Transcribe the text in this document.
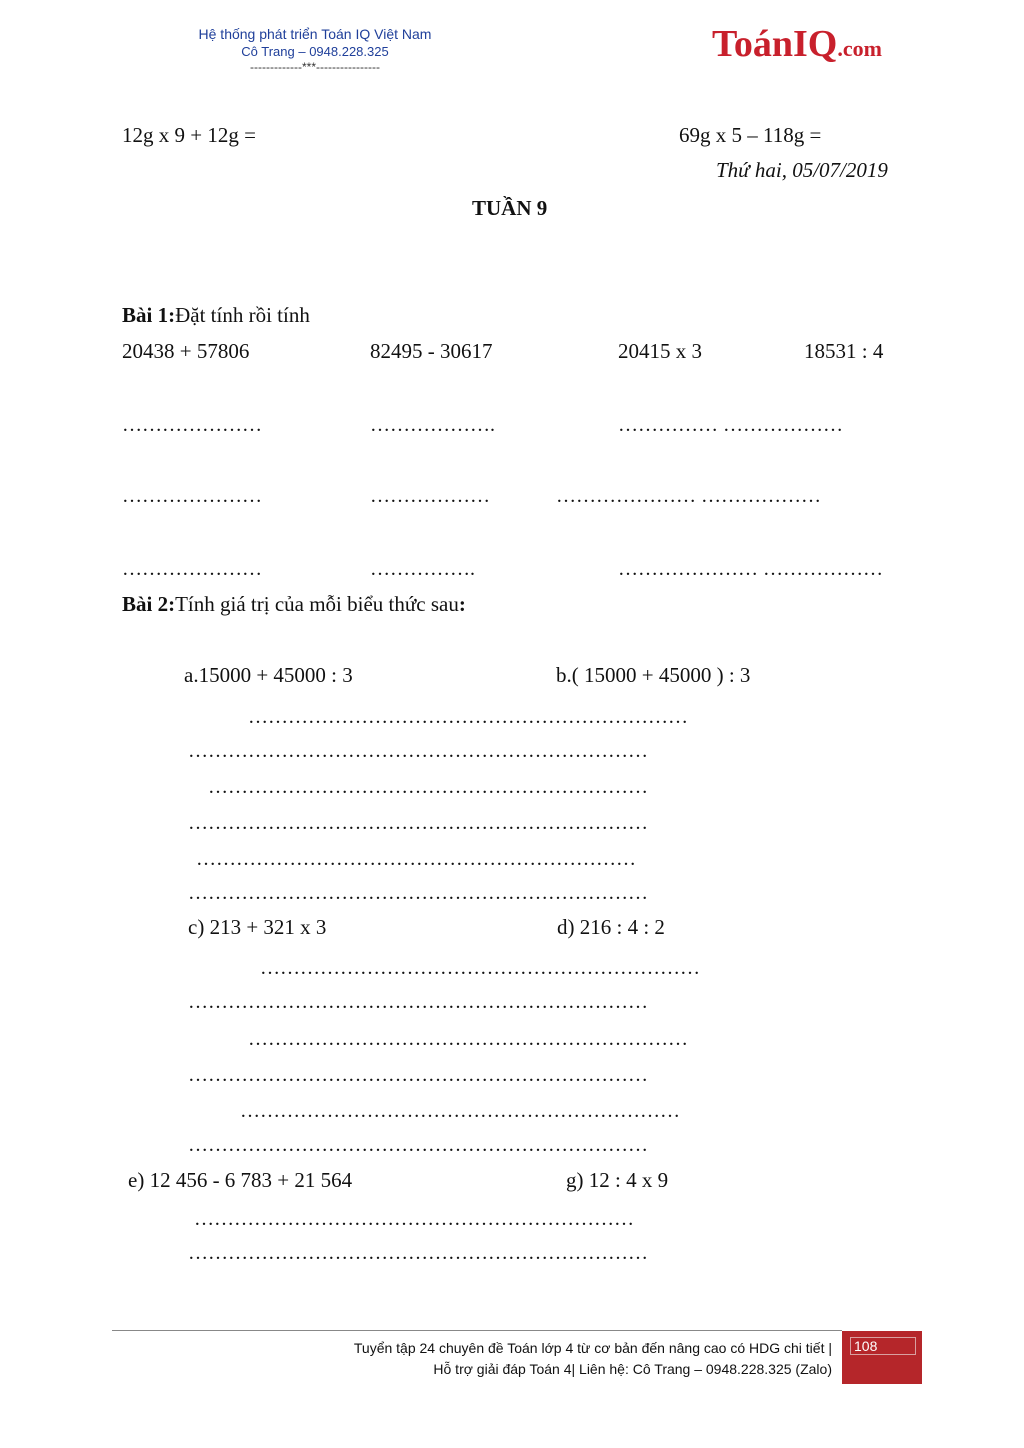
Hệ thống phát triển Toán IQ Việt Nam
Cô Trang – 0948.228.325
-------------***----------------
ToánIQ.com
12g x 9 + 12g =	69g x 5 – 118g =
Thứ hai, 05/07/2019
TUẦN 9
Bài 1:Đặt tính rồi tính
20438 + 57806	82495 - 30617	20415 x 3	18531 : 4
…………………	……………….	…………… ………………
…………………	………………	………………… ………………
…………………	…………….	………………… ………………
Bài 2:Tính giá trị của mỗi biểu thức sau:
a.15000 + 45000 : 3	b.( 15000 + 45000 ) : 3
…………………………………………………………
……………………………………………………………
…………………………………………………………
……………………………………………………………
…………………………………………………………
……………………………………………………………
c) 213 + 321 x 3	d) 216 : 4 : 2
…………………………………………………………
……………………………………………………………
…………………………………………………………
……………………………………………………………
…………………………………………………………
……………………………………………………………
e) 12 456 - 6 783 + 21 564	g) 12 : 4 x 9
…………………………………………………………
……………………………………………………………
Tuyển tập 24 chuyên đề Toán lớp 4 từ cơ bản đến nâng cao có HDG chi tiết |
Hỗ trợ giải đáp Toán 4| Liên hệ: Cô Trang – 0948.228.325 (Zalo)
108
